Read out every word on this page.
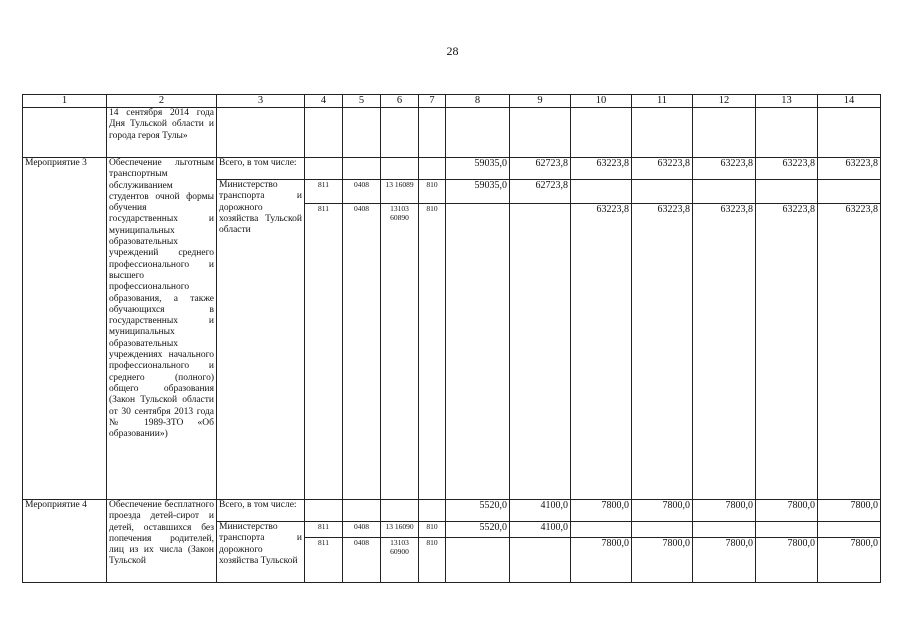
28
1	2	3	4	5	6	7	8	9	10	11	12	13	14
	14 сентября 2014 года Дня Тульской области и города героя Тулы»												
Мероприятие 3	Обеспечение льготным транспортным обслуживанием студентов очной формы обучения государственных и муниципальных образовательных учреждений среднего профессионального и высшего профессионального образования, а также обучающихся в государственных и муниципальных образовательных учреждениях начального профессионального и среднего (полного) общего образования (Закон Тульской области от 30 сентября 2013 года № 1989-ЗТО «Об образовании»)	Всего, в том числе:					59035,0	62723,8	63223,8	63223,8	63223,8	63223,8	63223,8
		Министерство транспорта и дорожного хозяйства Тульской области	811	0408	13 16089	810	59035,0	62723,8					
			811	0408	13103 60890	810			63223,8	63223,8	63223,8	63223,8	63223,8
Мероприятие 4	Обеспечение бесплатного проезда детей-сирот и детей, оставшихся без попечения родителей, лиц из их числа (Закон Тульской	Всего, в том числе:					5520,0	4100,0	7800,0	7800,0	7800,0	7800,0	7800,0
		Министерство транспорта и дорожного хозяйства Тульской	811	0408	13 16090	810	5520,0	4100,0					
			811	0408	13103 60900	810			7800,0	7800,0	7800,0	7800,0	7800,0
